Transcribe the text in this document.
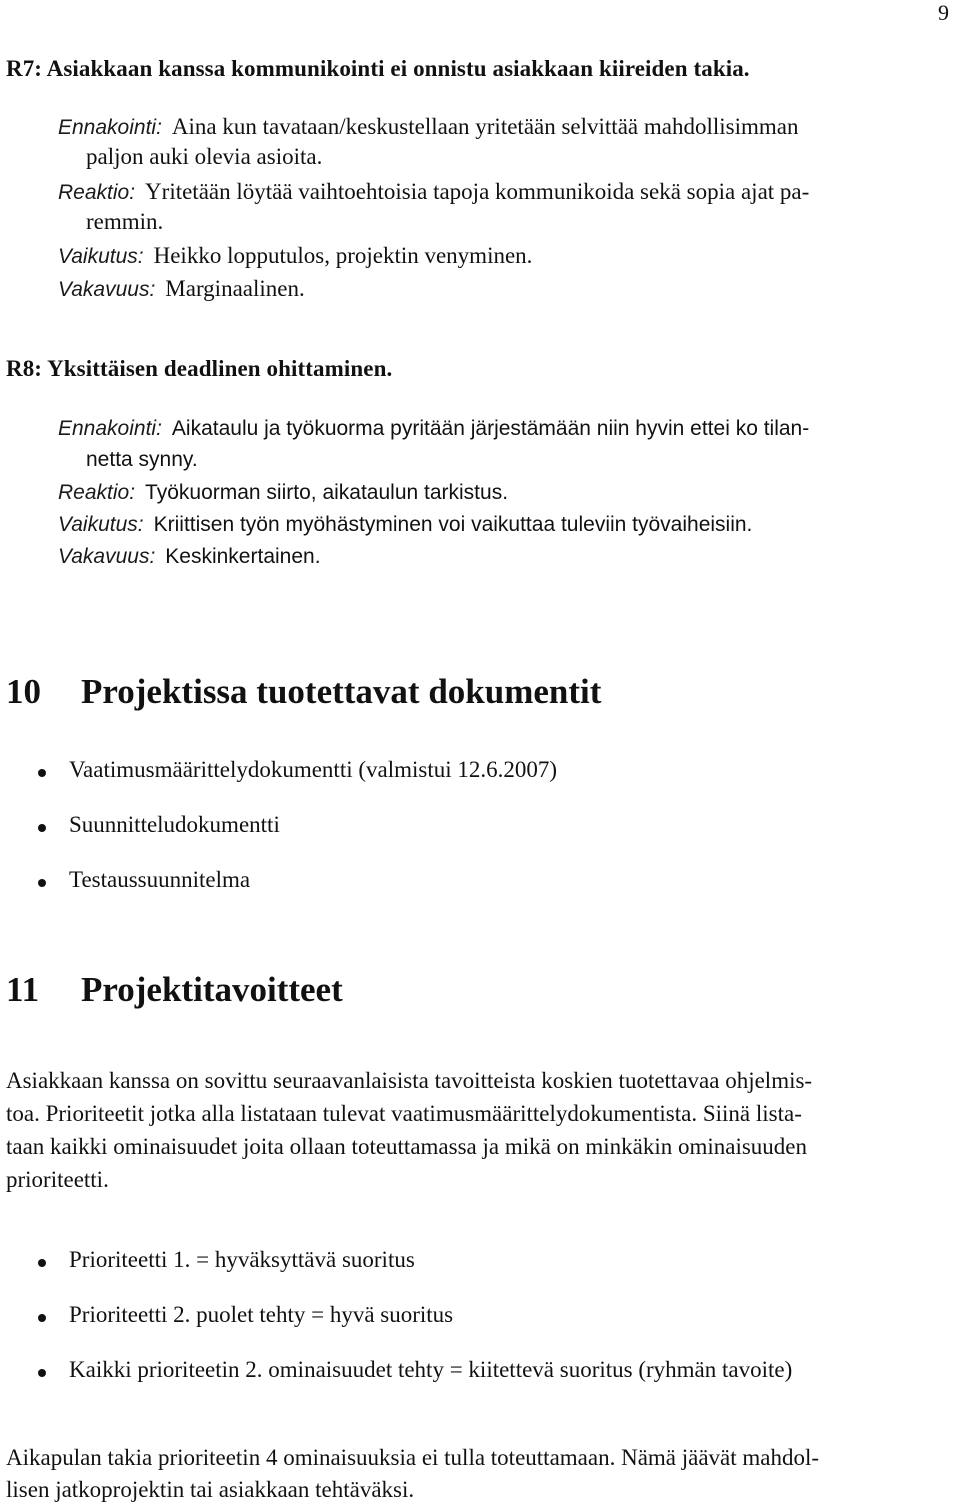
9
R7: Asiakkaan kanssa kommunikointi ei onnistu asiakkaan kiireiden takia.
Ennakointi: Aina kun tavataan/keskustellaan yritetään selvittää mahdollisimman
paljon auki olevia asioita.
Reaktio: Yritetään löytää vaihtoehtoisia tapoja kommunikoida sekä sopia ajat pa-
remmin.
Vaikutus: Heikko lopputulos, projektin venyminen.
Vakavuus: Marginaalinen.
R8: Yksittäisen deadlinen ohittaminen.
Ennakointi: Aikataulu ja työkuorma pyritään järjestämään niin hyvin ettei ko tilan-
netta synny.
Reaktio: Työkuorman siirto, aikataulun tarkistus.
Vaikutus: Kriittisen työn myöhästyminen voi vaikuttaa tuleviin työvaiheisiin.
Vakavuus: Keskinkertainen.
10 Projektissa tuotettavat dokumentit
Vaatimusmäärittelydokumentti (valmistui 12.6.2007)
Suunnitteludokumentti
Testaussuunnitelma
11 Projektitavoitteet
Asiakkaan kanssa on sovittu seuraavanlaisista tavoitteista koskien tuotettavaa ohjelmis-
toa. Prioriteetit jotka alla listataan tulevat vaatimusmäärittelydokumentista. Siinä lista-
taan kaikki ominaisuudet joita ollaan toteuttamassa ja mikä on minkäkin ominaisuuden
prioriteetti.
Prioriteetti 1. = hyväksyttävä suoritus
Prioriteetti 2. puolet tehty = hyvä suoritus
Kaikki prioriteetin 2. ominaisuudet tehty = kiitettevä suoritus (ryhmän tavoite)
Aikapulan takia prioriteetin 4 ominaisuuksia ei tulla toteuttamaan. Nämä jäävät mahdol-
lisen jatkoprojektin tai asiakkaan tehtäväksi.
